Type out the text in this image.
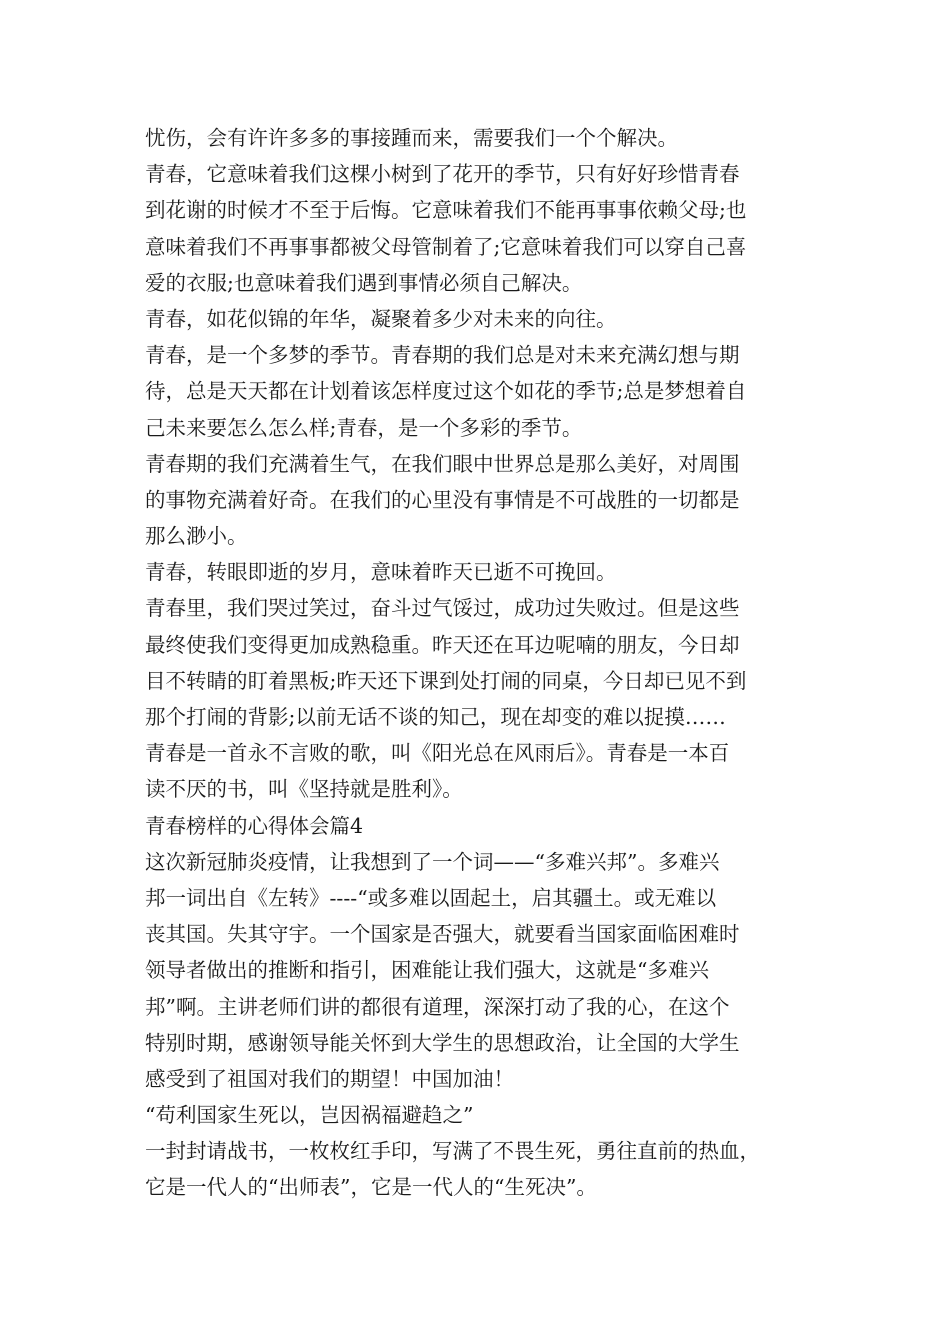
忧伤，会有许许多多的事接踵而来，需要我们一个个解决。
青春，它意味着我们这棵小树到了花开的季节，只有好好珍惜青春
到花谢的时候才不至于后悔。它意味着我们不能再事事依赖父母;也
意味着我们不再事事都被父母管制着了;它意味着我们可以穿自己喜
爱的衣服;也意味着我们遇到事情必须自己解决。
青春，如花似锦的年华，凝聚着多少对未来的向往。
青春，是一个多梦的季节。青春期的我们总是对未来充满幻想与期
待，总是天天都在计划着该怎样度过这个如花的季节;总是梦想着自
己未来要怎么怎么样;青春，是一个多彩的季节。
青春期的我们充满着生气，在我们眼中世界总是那么美好，对周围
的事物充满着好奇。在我们的心里没有事情是不可战胜的一切都是
那么渺小。
青春，转眼即逝的岁月，意味着昨天已逝不可挽回。
青春里，我们哭过笑过，奋斗过气馁过，成功过失败过。但是这些
最终使我们变得更加成熟稳重。昨天还在耳边呢喃的朋友，今日却
目不转睛的盯着黑板;昨天还下课到处打闹的同桌，今日却已见不到
那个打闹的背影;以前无话不谈的知己，现在却变的难以捉摸……
青春是一首永不言败的歌，叫《阳光总在风雨后》。青春是一本百
读不厌的书，叫《坚持就是胜利》。
青春榜样的心得体会篇4
这次新冠肺炎疫情，让我想到了一个词——“多难兴邦”。多难兴
邦一词出自《左转》----“或多难以固起土，启其疆土。或无难以
丧其国。失其守宇。一个国家是否强大，就要看当国家面临困难时
领导者做出的推断和指引，困难能让我们强大，这就是“多难兴
邦”啊。主讲老师们讲的都很有道理，深深打动了我的心，在这个
特别时期，感谢领导能关怀到大学生的思想政治，让全国的大学生
感受到了祖国对我们的期望！中国加油！
“苟利国家生死以，岂因祸福避趋之”
一封封请战书，一枚枚红手印，写满了不畏生死，勇往直前的热血，
它是一代人的“出师表”，它是一代人的“生死决”。
